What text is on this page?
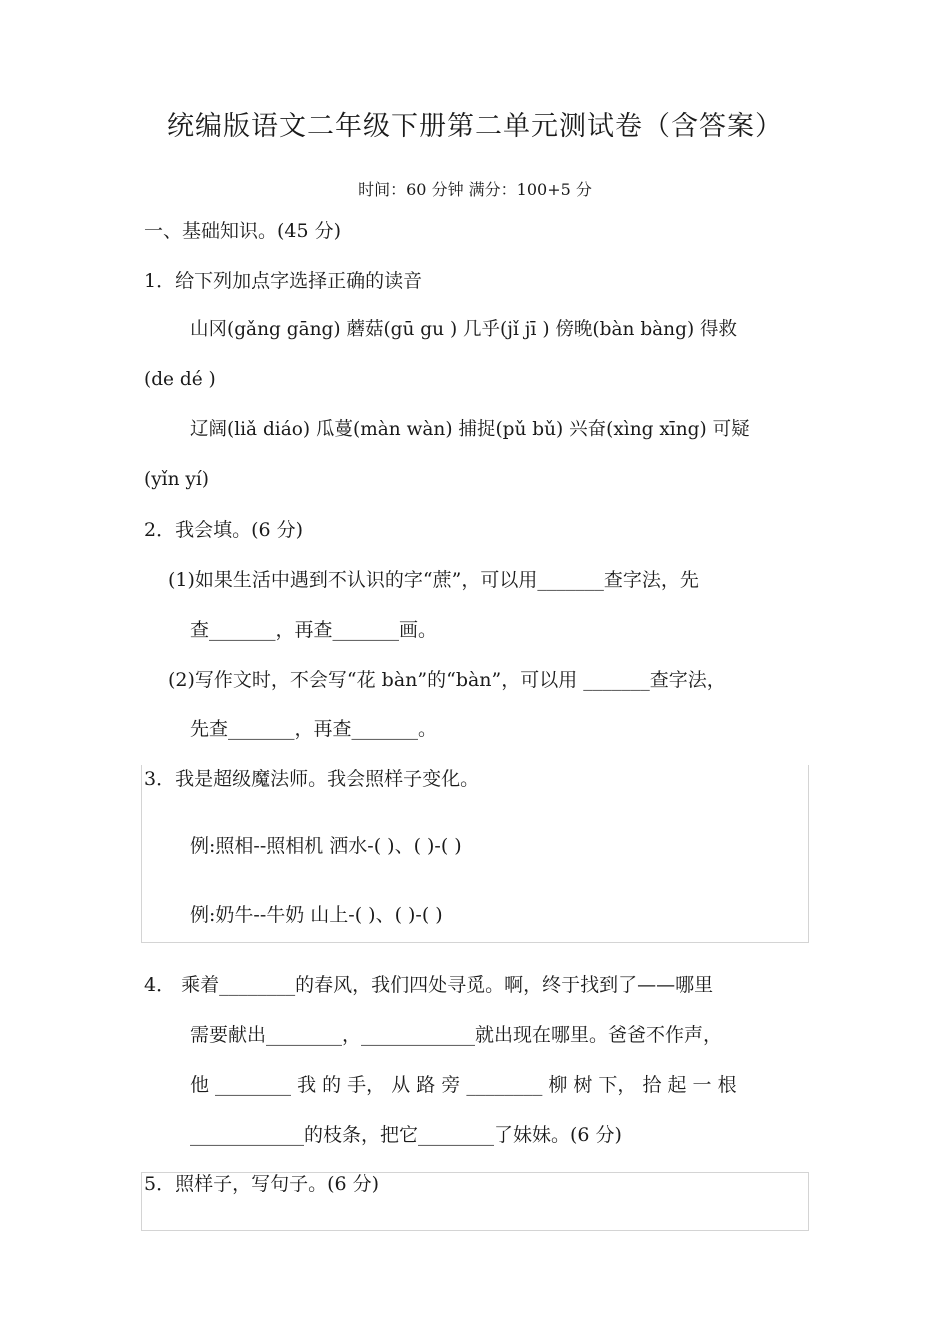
统编版语文二年级下册第二单元测试卷（含答案）
时间：60 分钟 满分：100+5 分
一、基础知识。(45 分)
1．给下列加点字选择正确的读音
山冈(gǎng gāng) 蘑菇(gū gu ) 几乎(jǐ jī ) 傍晚(bàn bàng) 得救
(de dé )
辽阔(liǎ diáo) 瓜蔓(màn wàn) 捕捉(pǔ bǔ) 兴奋(xìng xīng) 可疑
(yǐn yí)
2．我会填。(6 分)
(1)如果生活中遇到不认识的字“蔗”，可以用_______查字法，先
查_______，再查_______画。
(2)写作文时，不会写“花 bàn”的“bàn”，可以用 _______查字法，
先查_______，再查_______。
3．我是超级魔法师。我会照样子变化。
例:照相--照相机 洒水-( )、( )-( )
例:奶牛--牛奶 山上-( )、( )-( )
4． 乘着________的春风，我们四处寻觅。啊，终于找到了——哪里
需要献出________，____________就出现在哪里。爸爸不作声，
他 ________ 我 的 手， 从 路 旁 ________ 柳 树 下， 拾 起 一 根
____________的枝条，把它________了妹妹。(6 分)
5．照样子，写句子。(6 分)
